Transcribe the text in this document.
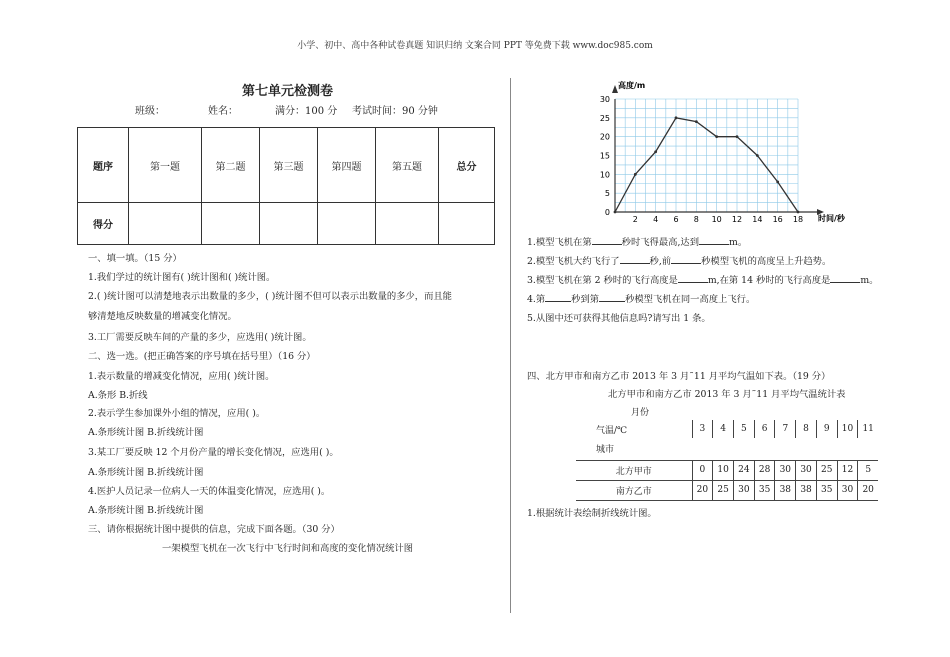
小学、初中、高中各种试卷真题 知识归纳 文案合同 PPT 等免费下载 www.doc985.com
第七单元检测卷
班级：	姓名：	满分：100 分 考试时间：90 分钟
题序	第一题	第二题	第三题	第四题	第五题	总分
得分						
一、填一填。（15 分）
1.我们学过的统计图有( )统计图和( )统计图。
2.( )统计图可以清楚地表示出数量的多少，( )统计图不但可以表示出数量的多少，而且能
够清楚地反映数量的增减变化情况。
3.工厂需要反映车间的产量的多少，应选用( )统计图。
二、选一选。(把正确答案的序号填在括号里）（16 分）
1.表示数量的增减变化情况，应用( )统计图。
A.条形 B.折线
2.表示学生参加课外小组的情况，应用( )。
A.条形统计图 B.折线统计图
3.某工厂要反映 12 个月份产量的增长变化情况，应选用( )。
A.条形统计图 B.折线统计图
4.医护人员记录一位病人一天的体温变化情况，应选用( )。
A.条形统计图 B.折线统计图
三、请你根据统计图中提供的信息，完成下面各题。（30 分）
一架模型飞机在一次飞行中飞行时间和高度的变化情况统计图
高度/m
时间/秒
0
5
10
15
20
25
30
2 4 6 8 10 12 14 16 18
1.模型飞机在第	秒时飞得最高,达到	m。
2.模型飞机大约飞行了	秒,前	秒模型飞机的高度呈上升趋势。
3.模型飞机在第 2 秒时的飞行高度是	m,在第 14 秒时的飞行高度是	m。
4.第	秒到第	秒模型飞机在同一高度上飞行。
5.从图中还可获得其他信息吗?请写出 1 条。
四、北方甲市和南方乙市 2013 年 3 月˜11 月平均气温如下表。（19 分）
北方甲市和南方乙市 2013 年 3 月˜11 月平均气温统计表
月份									
气温/℃	3	4	5	6	7	8	9	10	11
城市									
北方甲市	0	10	24	28	30	30	25	12	5
南方乙市	20	25	30	35	38	38	35	30	20
1.根据统计表绘制折线统计图。
